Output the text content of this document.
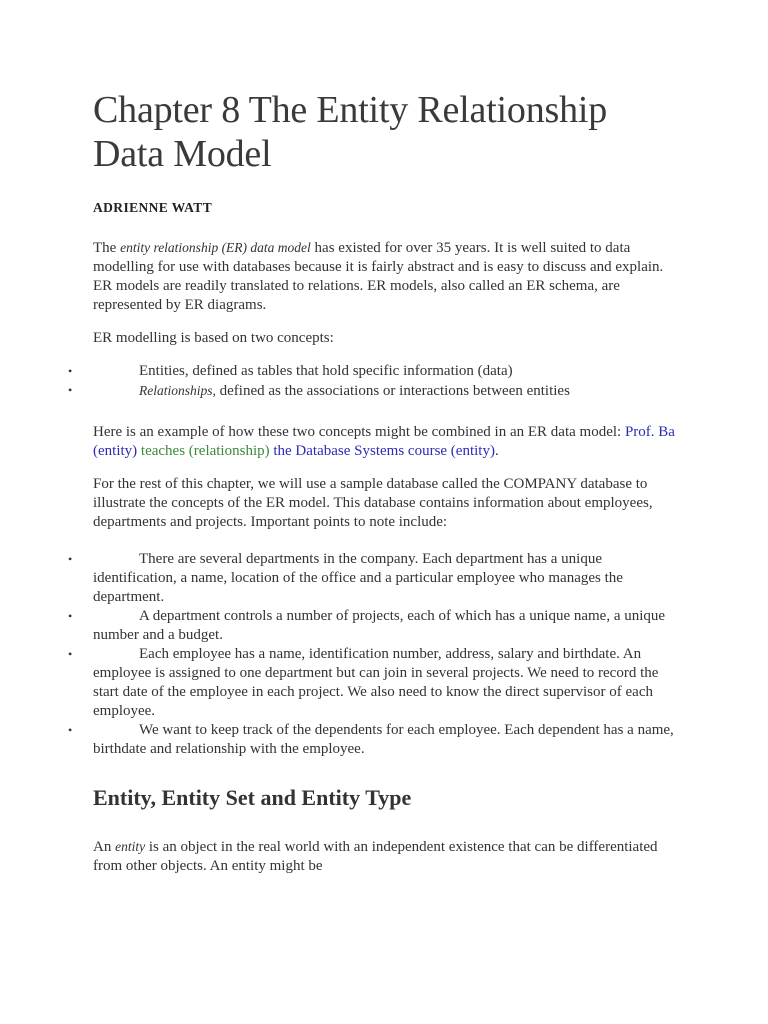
Chapter 8 The Entity Relationship Data Model
ADRIENNE WATT

The entity relationship (ER) data model has existed for over 35 years. It is well suited to data modelling for use with databases because it is fairly abstract and is easy to discuss and explain. ER models are readily translated to relations. ER models, also called an ER schema, are represented by ER diagrams.

ER modelling is based on two concepts:

•	Entities, defined as tables that hold specific information (data)
•	Relationships, defined as the associations or interactions between entities

Here is an example of how these two concepts might be combined in an ER data model: Prof. Ba (entity) teaches (relationship) the Database Systems course (entity).

For the rest of this chapter, we will use a sample database called the COMPANY database to illustrate the concepts of the ER model. This database contains information about employees, departments and projects. Important points to note include:

•	There are several departments in the company. Each department has a unique identification, a name, location of the office and a particular employee who manages the department.
•	A department controls a number of projects, each of which has a unique name, a unique number and a budget.
•	Each employee has a name, identification number, address, salary and birthdate. An employee is assigned to one department but can join in several projects. We need to record the start date of the employee in each project. We also need to know the direct supervisor of each employee.
•	We want to keep track of the dependents for each employee. Each dependent has a name, birthdate and relationship with the employee.
Entity, Entity Set and Entity Type

An entity is an object in the real world with an independent existence that can be differentiated from other objects. An entity might be
